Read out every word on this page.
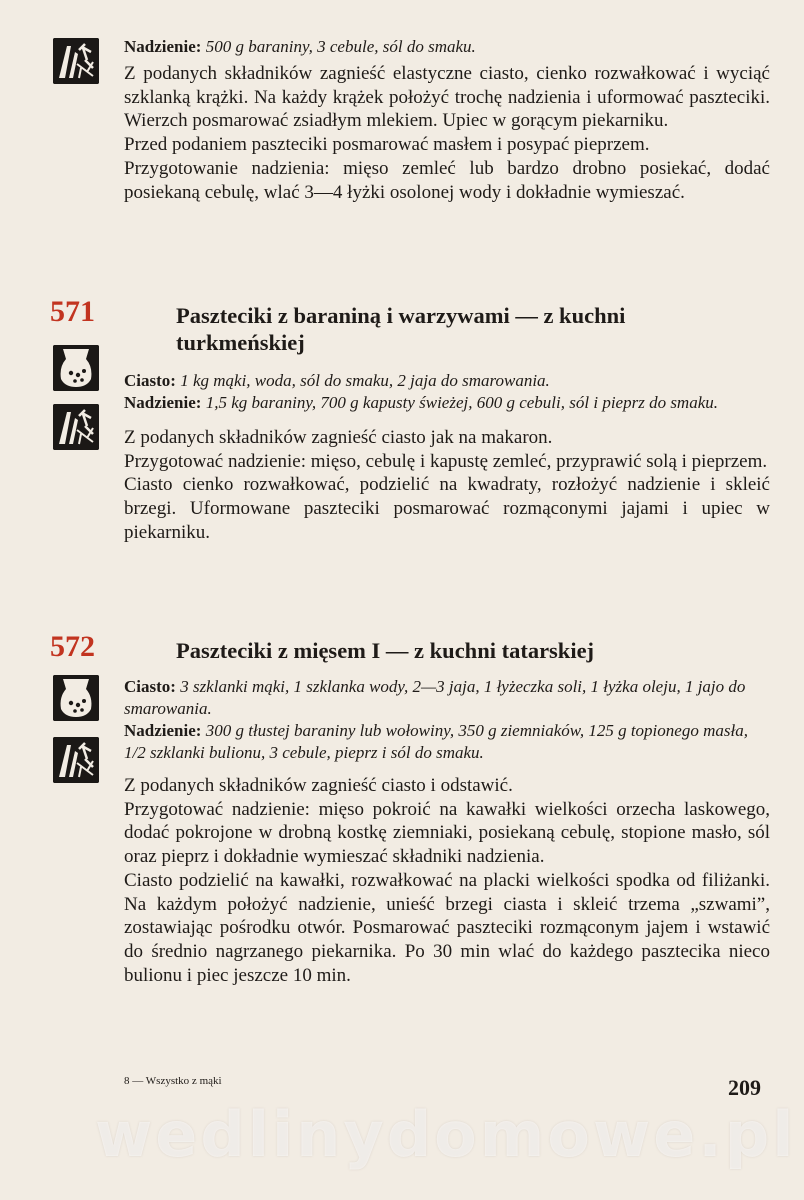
Nadzienie: 500 g baraniny, 3 cebule, sól do smaku.

Z podanych składników zagnieść elastyczne ciasto, cienko rozwałkować i wyciąć szklanką krążki. Na każdy krążek położyć trochę nadzienia i uformować paszteciki. Wierzch posmarować zsiadłym mlekiem. Upiec w gorącym piekarniku.

Przed podaniem paszteciki posmarować masłem i posypać pieprzem.

Przygotowanie nadzienia: mięso zemleć lub bardzo drobno posiekać, dodać posiekaną cebulę, wlać 3—4 łyżki osolonej wody i dokładnie wymieszać.

571	Paszteciki z baraniną i warzywami — z kuchni turkmeńskiej

Ciasto: 1 kg mąki, woda, sól do smaku, 2 jaja do smarowania.

Nadzienie: 1,5 kg baraniny, 700 g kapusty świeżej, 600 g cebuli, sól i pieprz do smaku.

Z podanych składników zagnieść ciasto jak na makaron.

Przygotować nadzienie: mięso, cebulę i kapustę zemleć, przyprawić solą i pieprzem.

Ciasto cienko rozwałkować, podzielić na kwadraty, rozłożyć nadzienie i skleić brzegi. Uformowane paszteciki posmarować rozmąconymi jajami i upiec w piekarniku.

572	Paszteciki z mięsem I — z kuchni tatarskiej

Ciasto: 3 szklanki mąki, 1 szklanka wody, 2—3 jaja, 1 łyżeczka soli, 1 łyżka oleju, 1 jajo do smarowania.

Nadzienie: 300 g tłustej baraniny lub wołowiny, 350 g ziemniaków, 125 g topionego masła, 1/2 szklanki bulionu, 3 cebule, pieprz i sól do smaku.

Z podanych składników zagnieść ciasto i odstawić.

Przygotować nadzienie: mięso pokroić na kawałki wielkości orzecha laskowego, dodać pokrojone w drobną kostkę ziemniaki, posiekaną cebulę, stopione masło, sól oraz pieprz i dokładnie wymieszać składniki nadzienia.

Ciasto podzielić na kawałki, rozwałkować na placki wielkości spodka od filiżanki. Na każdym położyć nadzienie, unieść brzegi ciasta i skleić trzema „szwami”, zostawiając pośrodku otwór. Posmarować paszteciki rozmąconym jajem i wstawić do średnio nagrzanego piekarnika. Po 30 min wlać do każdego pasztecika nieco bulionu i piec jeszcze 10 min.

8 — Wszystko z mąki	209
wedlinydomowe.pl
